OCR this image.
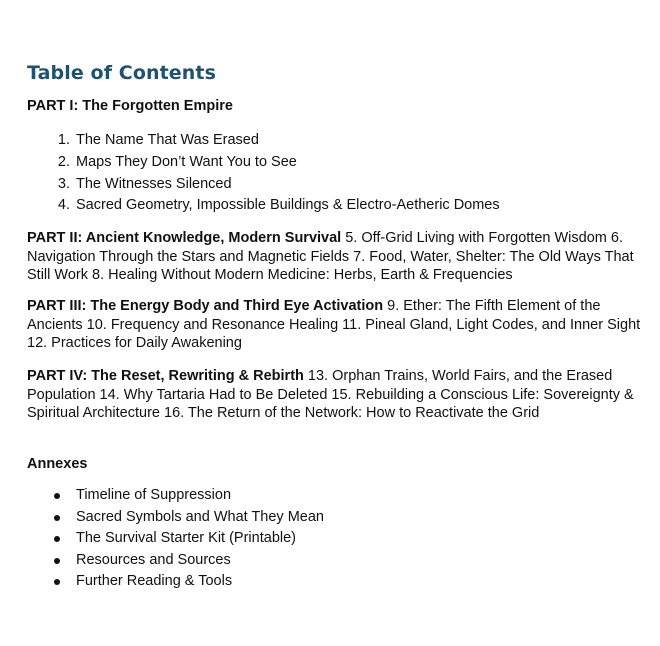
Table of Contents
PART I: The Forgotten Empire
1. The Name That Was Erased
2. Maps They Don’t Want You to See
3. The Witnesses Silenced
4. Sacred Geometry, Impossible Buildings & Electro-Aetheric Domes

PART II: Ancient Knowledge, Modern Survival 5. Off-Grid Living with Forgotten Wisdom 6. Navigation Through the Stars and Magnetic Fields 7. Food, Water, Shelter: The Old Ways That Still Work 8. Healing Without Modern Medicine: Herbs, Earth & Frequencies

PART III: The Energy Body and Third Eye Activation 9. Ether: The Fifth Element of the Ancients 10. Frequency and Resonance Healing 11. Pineal Gland, Light Codes, and Inner Sight 12. Practices for Daily Awakening

PART IV: The Reset, Rewriting & Rebirth 13. Orphan Trains, World Fairs, and the Erased Population 14. Why Tartaria Had to Be Deleted 15. Rebuilding a Conscious Life: Sovereignty & Spiritual Architecture 16. The Return of the Network: How to Reactivate the Grid

Annexes
Timeline of Suppression
Sacred Symbols and What They Mean
The Survival Starter Kit (Printable)
Resources and Sources
Further Reading & Tools
